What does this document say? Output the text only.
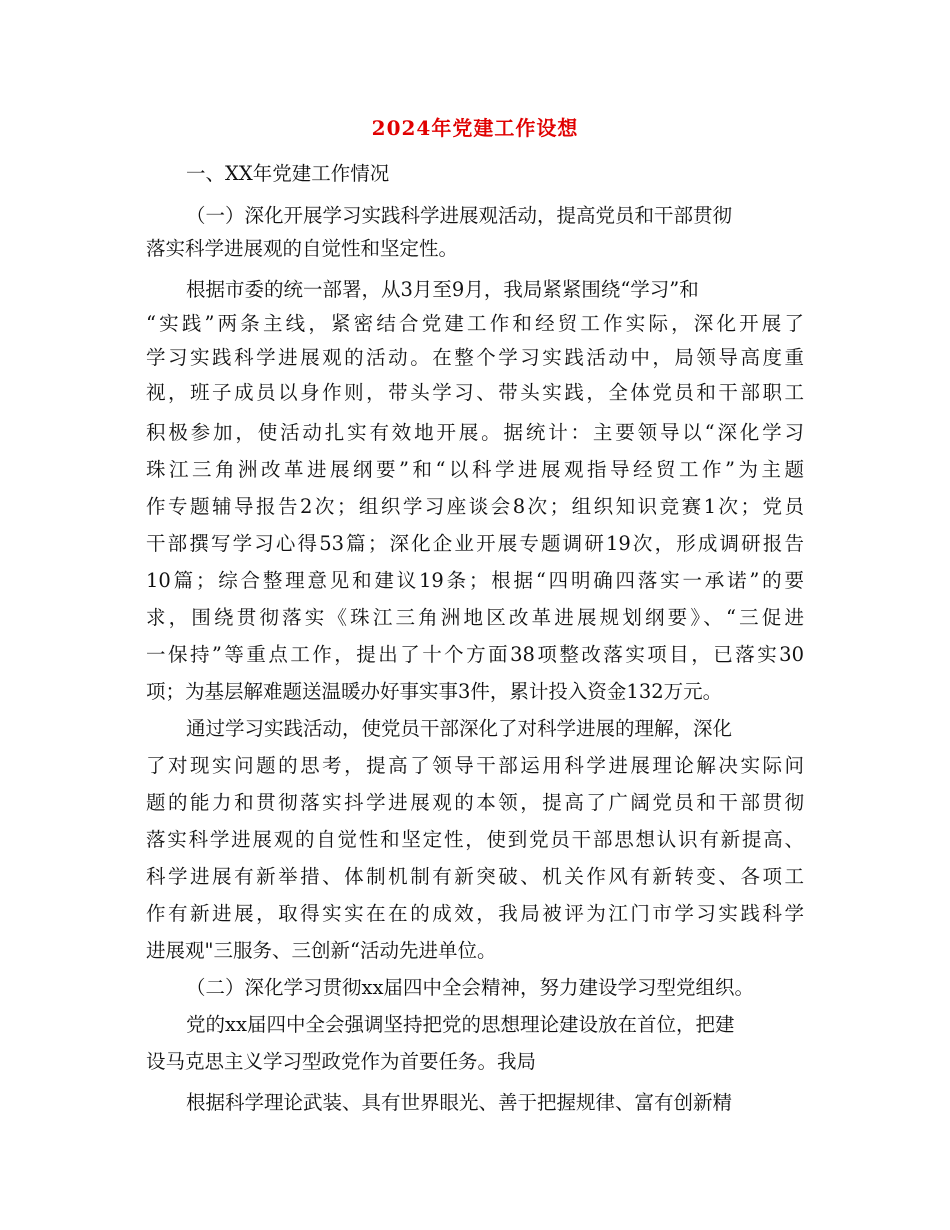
2024年党建工作设想
一、XX年党建工作情况
（一）深化开展学习实践科学进展观活动，提高党员和干部贯彻
落实科学进展观的自觉性和坚定性。
根据市委的统一部署，从3月至9月，我局紧紧围绕“学习”和
“实践”两条主线，紧密结合党建工作和经贸工作实际，深化开展了
学习实践科学进展观的活动。在整个学习实践活动中，局领导高度重
视，班子成员以身作则，带头学习、带头实践，全体党员和干部职工
积极参加，使活动扎实有效地开展。据统计：主要领导以“深化学习
珠江三角洲改革进展纲要”和“以科学进展观指导经贸工作”为主题
作专题辅导报告2次；组织学习座谈会8次；组织知识竞赛1次；党员
干部撰写学习心得53篇；深化企业开展专题调研19次，形成调研报告
10篇；综合整理意见和建议19条；根据“四明确四落实一承诺”的要
求，围绕贯彻落实《珠江三角洲地区改革进展规划纲要》、“三促进
一保持”等重点工作，提出了十个方面38项整改落实项目，已落实30
项；为基层解难题送温暖办好事实事3件，累计投入资金132万元。
通过学习实践活动，使党员干部深化了对科学进展的理解，深化
了对现实问题的思考，提高了领导干部运用科学进展理论解决实际问
题的能力和贯彻落实抖学进展观的本领，提高了广阔党员和干部贯彻
落实科学进展观的自觉性和坚定性，使到党员干部思想认识有新提高、
科学进展有新举措、体制机制有新突破、机关作风有新转变、各项工
作有新进展，取得实实在在的成效，我局被评为江门市学习实践科学
进展观"三服务、三创新“活动先进单位。
（二）深化学习贯彻xx届四中全会精神，努力建设学习型党组织。
党的xx届四中全会强调坚持把党的思想理论建设放在首位，把建
设马克思主义学习型政党作为首要任务。我局
根据科学理论武装、具有世界眼光、善于把握规律、富有创新精
